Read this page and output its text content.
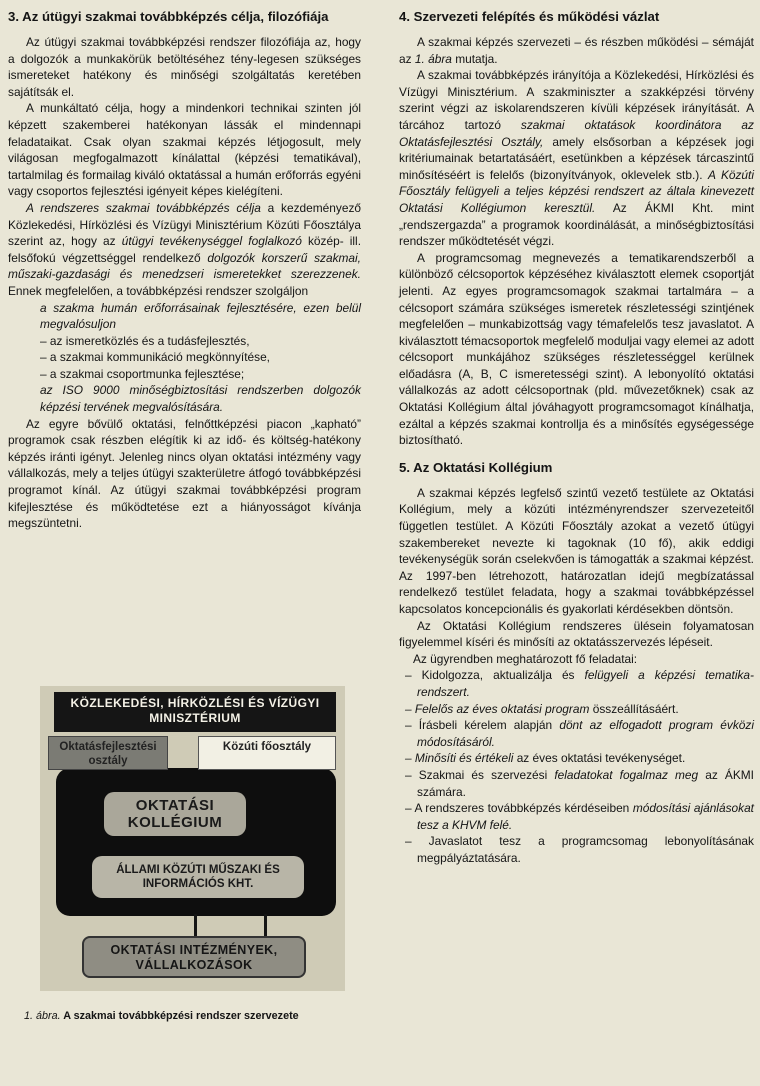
3. Az útügyi szakmai továbbképzés célja, filozófiája

Az útügyi szakmai továbbképzési rendszer filozófiája az, hogy a dolgozók a munkakörük betöltéséhez tény-legesen szükséges ismereteket hatékony és minőségi szolgáltatás keretében sajátítsák el.

A munkáltató célja, hogy a mindenkori technikai szinten jól képzett szakemberei hatékonyan lássák el mindennapi feladataikat. Csak olyan szakmai képzés létjogosult, mely világosan megfogalmazott kínálattal (képzési tematikával), tartalmilag és formailag kiváló oktatással a humán erőforrás egyéni vagy csoportos fejlesztési igényeit képes kielégíteni.

A rendszeres szakmai továbbképzés célja a kezdeményező Közlekedési, Hírközlési és Vízügyi Minisztérium Közúti Főosztálya szerint az, hogy az útügyi tevékenységgel foglalkozó közép- ill. felsőfokú végzettséggel rendelkező dolgozók korszerű szakmai, műszaki-gazdasági és menedzseri ismeretekket szerezzenek. Ennek megfelelően, a továbbképzési rendszer szolgáljon

a szakma humán erőforrásainak fejlesztésére, ezen belül megvalósuljon

– az ismeretközlés és a tudásfejlesztés,

– a szakmai kommunikáció megkönnyítése,

– a szakmai csoportmunka fejlesztése;

az ISO 9000 minőségbiztosítási rendszerben dolgozók képzési tervének megvalósítására.

Az egyre bővülő oktatási, felnőttképzési piacon „kapható” programok csak részben elégítik ki az idő- és költség-hatékony képzés iránti igényt. Jelenleg nincs olyan oktatási intézmény vagy vállalkozás, mely a teljes útügyi szakterületre átfogó továbbképzési programot kínál. Az útügyi szakmai továbbképzési program kifejlesztése és működtetése ezt a hiányosságot kívánja megszüntetni.

KÖZLEKEDÉSI, HÍRKÖZLÉSI ÉS VÍZÜGYI MINISZTÉRIUM
Oktatásfejlesztési osztály
Közúti főosztály
OKTATÁSI KOLLÉGIUM
ÁLLAMI KÖZÚTI MŰSZAKI ÉS INFORMÁCIÓS KHT.
OKTATÁSI INTÉZMÉNYEK, VÁLLALKOZÁSOK
1. ábra. A szakmai továbbképzési rendszer szervezete
4. Szervezeti felépítés és működési vázlat

A szakmai képzés szervezeti – és részben működési – sémáját az 1. ábra mutatja.

A szakmai továbbképzés irányítója a Közlekedési, Hírközlési és Vízügyi Minisztérium. A szakminiszter a szakképzési törvény szerint végzi az iskolarendszeren kívüli képzések irányítását. A tárcához tartozó szakmai oktatások koordinátora az Oktatásfejlesztési Osztály, amely elsősorban a képzések jogi kritériumainak betartatásáért, esetünkben a képzések tárcaszintű minősítéséért is felelős (bizonyítványok, oklevelek stb.). A Közúti Főosztály felügyeli a teljes képzési rendszert az általa kinevezett Oktatási Kollégiumon keresztül. Az ÁKMI Kht. mint „rendszergazda” a programok koordinálását, a minőségbiztosítási rendszer működtetését végzi.

A programcsomag megnevezés a tematikarendszerből a különböző célcsoportok képzéséhez kiválasztott elemek csoportját jelenti. Az egyes programcsomagok szakmai tartalmára – a célcsoport számára szükséges ismeretek részletességi szintjének megfelelően – munkabizottság vagy témafelelős tesz javaslatot. A kiválasztott témacsoportok megfelelő moduljai vagy elemei az adott célcsoport munkájához szükséges részletességgel kerülnek előadásra (A, B, C ismeretességi szint). A lebonyolító oktatási vállalkozás az adott célcsoportnak (pld. művezetőknek) csak az Oktatási Kollégium által jóváhagyott programcsomagot kínálhatja, ezáltal a képzés szakmai kontrollja és a minősítés egységessége biztosítható.

5. Az Oktatási Kollégium

A szakmai képzés legfelső szintű vezető testülete az Oktatási Kollégium, mely a közúti intézményrendszer szervezeteitől független testület. A Közúti Főosztály azokat a vezető útügyi szakembereket nevezte ki tagoknak (10 fő), akik eddigi tevékenységük során cselekvően is támogatták a szakmai képzést. Az 1997-ben létrehozott, határozatlan idejű megbízatással rendelkező testület feladata, hogy a szakmai továbbképzéssel kapcsolatos koncepcionális és gyakorlati kérdésekben döntsön.

Az Oktatási Kollégium rendszeres ülésein folyamatosan figyelemmel kíséri és minősíti az oktatásszervezés lépéseit.

Az ügyrendben meghatározott fő feladatai:

– Kidolgozza, aktualizálja és felügyeli a képzési tematika-rendszert.

– Felelős az éves oktatási program összeállításáért.

– Írásbeli kérelem alapján dönt az elfogadott program évközi módosításáról.

– Minősíti és értékeli az éves oktatási tevékenységet.

– Szakmai és szervezési feladatokat fogalmaz meg az ÁKMI számára.

– A rendszeres továbbképzés kérdéseiben módosítási ajánlásokat tesz a KHVM felé.

– Javaslatot tesz a programcsomag lebonyolításának megpályáztatására.
